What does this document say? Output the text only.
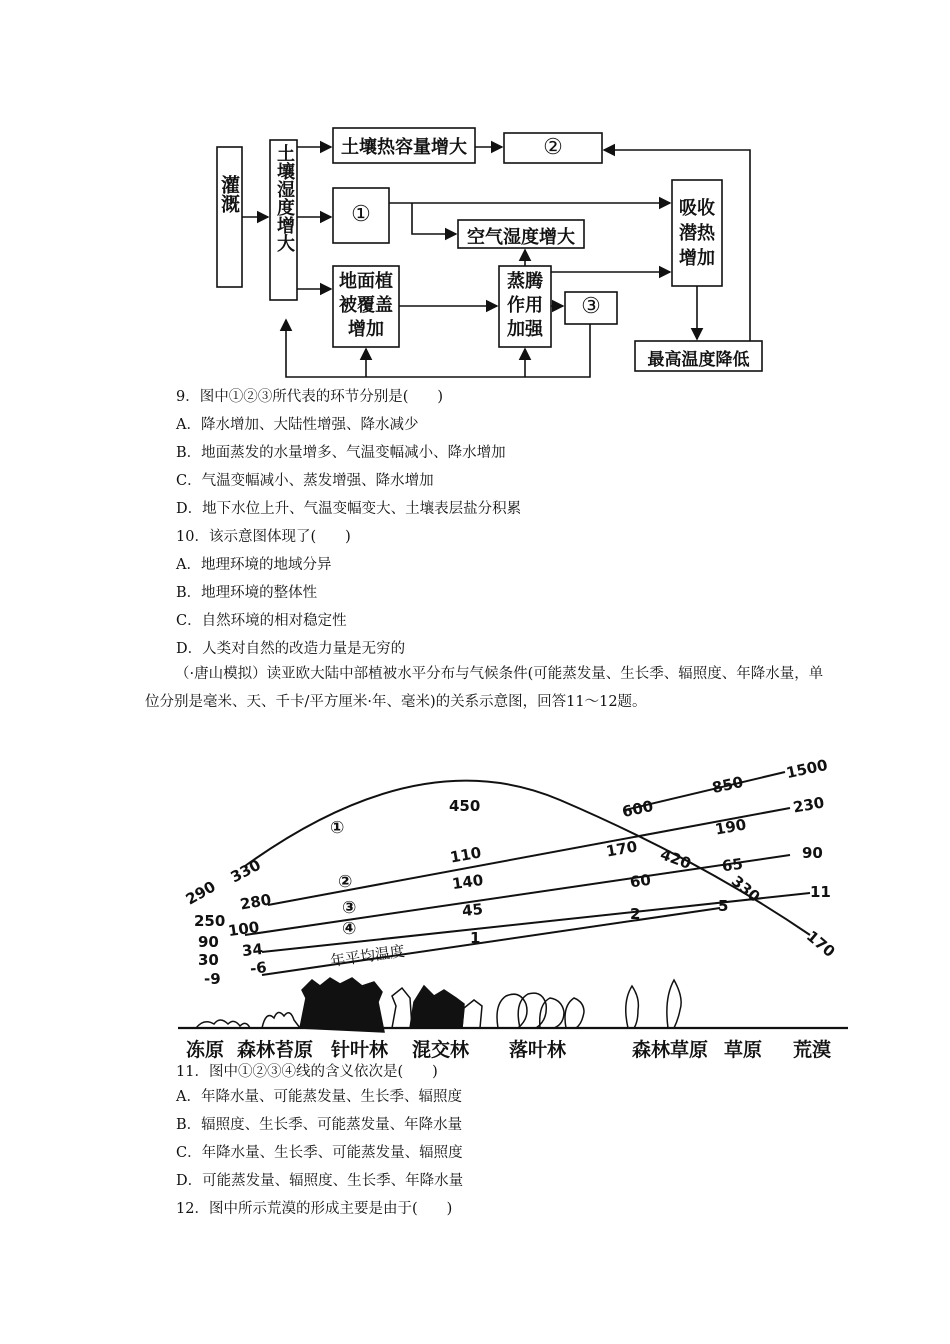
灌溉 土壤湿度增大	土壤热容量增大	②
①
空气湿度增大
地面植
被覆盖
增加
蒸腾
作用
加强
③
吸收
潜热
增加
最高温度降低
9．图中①②③所代表的环节分别是(　　)
A．降水增加、大陆性增强、降水减少
B．地面蒸发的水量增多、气温变幅减小、降水增加
C．气温变幅减小、蒸发增强、降水增加
D．地下水位上升、气温变幅变大、土壤表层盐分积累
10．该示意图体现了(　　)
A．地理环境的地域分异
B．地理环境的整体性
C．自然环境的相对稳定性
D．人类对自然的改造力量是无穷的
（·唐山模拟）读亚欧大陆中部植被水平分布与气候条件(可能蒸发量、生长季、辐照度、年降水量，单位分别是毫米、天、千卡/平方厘米·年、毫米)的关系示意图，回答11～12题。
290
330
①
450
420
330
170
250
90
30
-9
280
②
110	170
190
230
600
850
1500
100
③
140	60
65
90
34
④
45	2	5
11
-6
1
年平均温度
冻原 森林苔原 针叶林 混交林 落叶林	森林草原 草原 荒漠
11．图中①②③④线的含义依次是(　　)
A．年降水量、可能蒸发量、生长季、辐照度
B．辐照度、生长季、可能蒸发量、年降水量
C．年降水量、生长季、可能蒸发量、辐照度
D．可能蒸发量、辐照度、生长季、年降水量
12．图中所示荒漠的形成主要是由于(　　)
